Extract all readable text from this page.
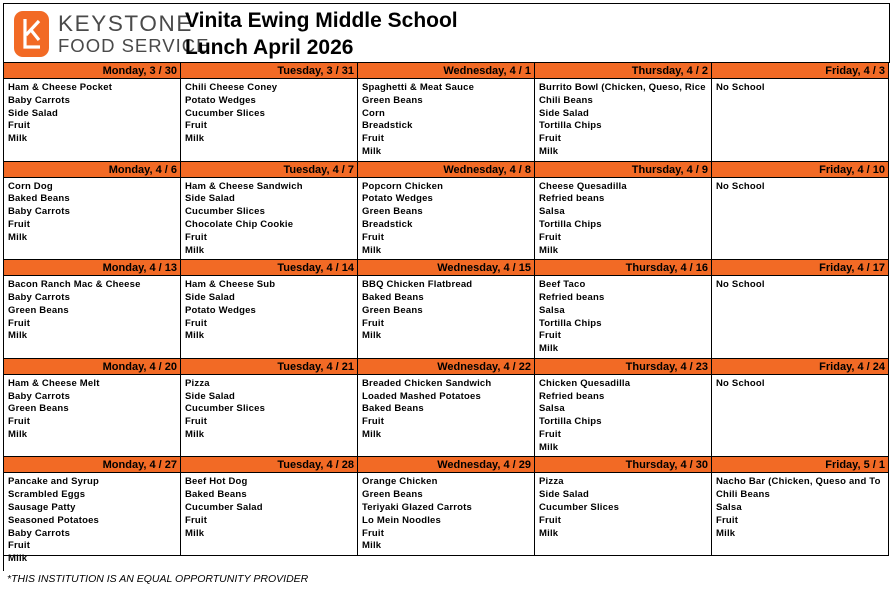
KEYSTONE
FOOD SERVICE
Vinita Ewing Middle School
Lunch April 2026
Monday, 3 / 30
Ham & Cheese Pocket
Baby Carrots
Side Salad
Fruit
Milk
Tuesday, 3 / 31
Chili Cheese Coney
Potato Wedges
Cucumber Slices
Fruit
Milk
Wednesday, 4 / 1
Spaghetti & Meat Sauce
Green Beans
Corn
Breadstick
Fruit
Milk
Thursday, 4 / 2
Burrito Bowl (Chicken, Queso, Rice
Chili Beans
Side Salad
Tortilla Chips
Fruit
Milk
Friday, 4 / 3
No School
Monday, 4 / 6
Corn Dog
Baked Beans
Baby Carrots
Fruit
Milk
Tuesday, 4 / 7
Ham & Cheese Sandwich
Side Salad
Cucumber Slices
Chocolate Chip Cookie
Fruit
Milk
Wednesday, 4 / 8
Popcorn Chicken
Potato Wedges
Green Beans
Breadstick
Fruit
Milk
Thursday, 4 / 9
Cheese Quesadilla
Refried beans
Salsa
Tortilla Chips
Fruit
Milk
Friday, 4 / 10
No School
Monday, 4 / 13
Bacon Ranch Mac & Cheese
Baby Carrots
Green Beans
Fruit
Milk
Tuesday, 4 / 14
Ham & Cheese Sub
Side Salad
Potato Wedges
Fruit
Milk
Wednesday, 4 / 15
BBQ Chicken Flatbread
Baked Beans
Green Beans
Fruit
Milk
Thursday, 4 / 16
Beef Taco
Refried beans
Salsa
Tortilla Chips
Fruit
Milk
Friday, 4 / 17
No School
Monday, 4 / 20
Ham & Cheese Melt
Baby Carrots
Green Beans
Fruit
Milk
Tuesday, 4 / 21
Pizza
Side Salad
Cucumber Slices
Fruit
Milk
Wednesday, 4 / 22
Breaded Chicken Sandwich
Loaded Mashed Potatoes
Baked Beans
Fruit
Milk
Thursday, 4 / 23
Chicken Quesadilla
Refried beans
Salsa
Tortilla Chips
Fruit
Milk
Friday, 4 / 24
No School
Monday, 4 / 27
Pancake and Syrup
Scrambled Eggs
Sausage Patty
Seasoned Potatoes
Baby Carrots
Fruit
Milk
Tuesday, 4 / 28
Beef Hot Dog
Baked Beans
Cucumber Salad
Fruit
Milk
Wednesday, 4 / 29
Orange Chicken
Green Beans
Teriyaki Glazed Carrots
Lo Mein Noodles
Fruit
Milk
Thursday, 4 / 30
Pizza
Side Salad
Cucumber Slices
Fruit
Milk
Friday, 5 / 1
Nacho Bar (Chicken, Queso and To
Chili Beans
Salsa
Fruit
Milk
*THIS INSTITUTION IS AN EQUAL OPPORTUNITY PROVIDER
